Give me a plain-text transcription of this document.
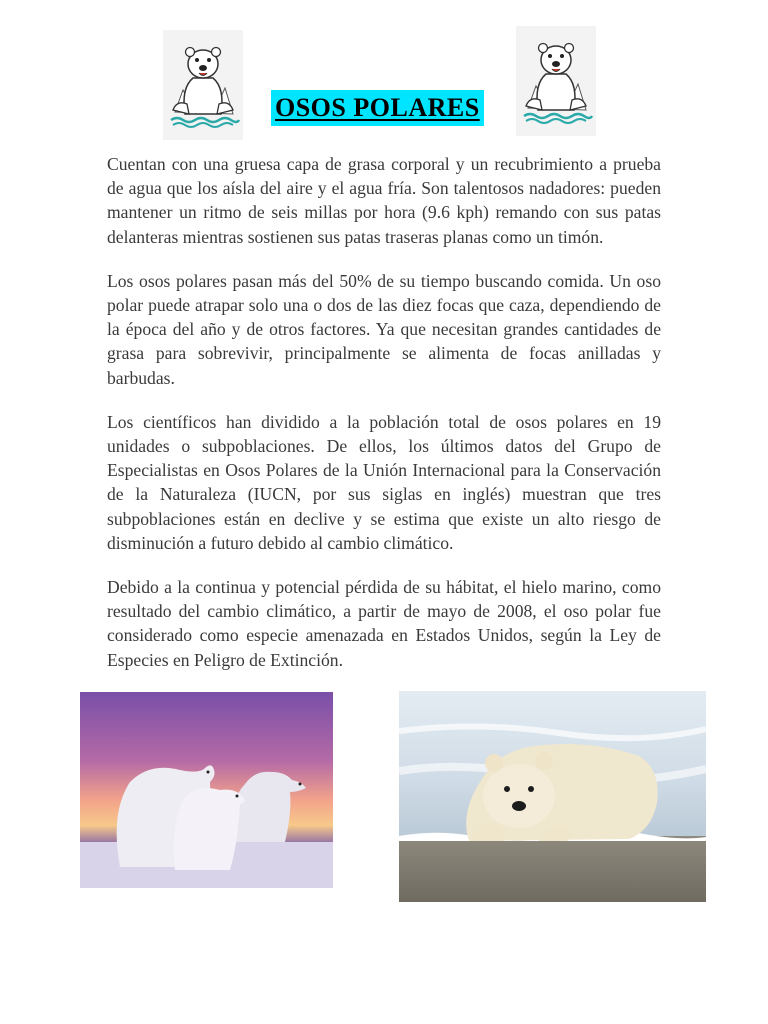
OSOS POLARES

Cuentan con una gruesa capa de grasa corporal y un recubrimiento a prueba de agua que los aísla del aire y el agua fría. Son talentosos nadadores: pueden mantener un ritmo de seis millas por hora (9.6 kph) remando con sus patas delanteras mientras sostienen sus patas traseras planas como un timón.

Los osos polares pasan más del 50% de su tiempo buscando comida. Un oso polar puede atrapar solo una o dos de las diez focas que caza, dependiendo de la época del año y de otros factores. Ya que necesitan grandes cantidades de grasa para sobrevivir, principalmente se alimenta de focas anilladas y barbudas.

Los científicos han dividido a la población total de osos polares en 19 unidades o subpoblaciones. De ellos, los últimos datos del Grupo de Especialistas en Osos Polares de la Unión Internacional para la Conservación de la Naturaleza (IUCN, por sus siglas en inglés) muestran que tres subpoblaciones están en declive y se estima que existe un alto riesgo de disminución a futuro debido al cambio climático.

Debido a la continua y potencial pérdida de su hábitat, el hielo marino, como resultado del cambio climático, a partir de mayo de 2008, el oso polar fue considerado como especie amenazada en Estados Unidos, según la Ley de Especies en Peligro de Extinción.
